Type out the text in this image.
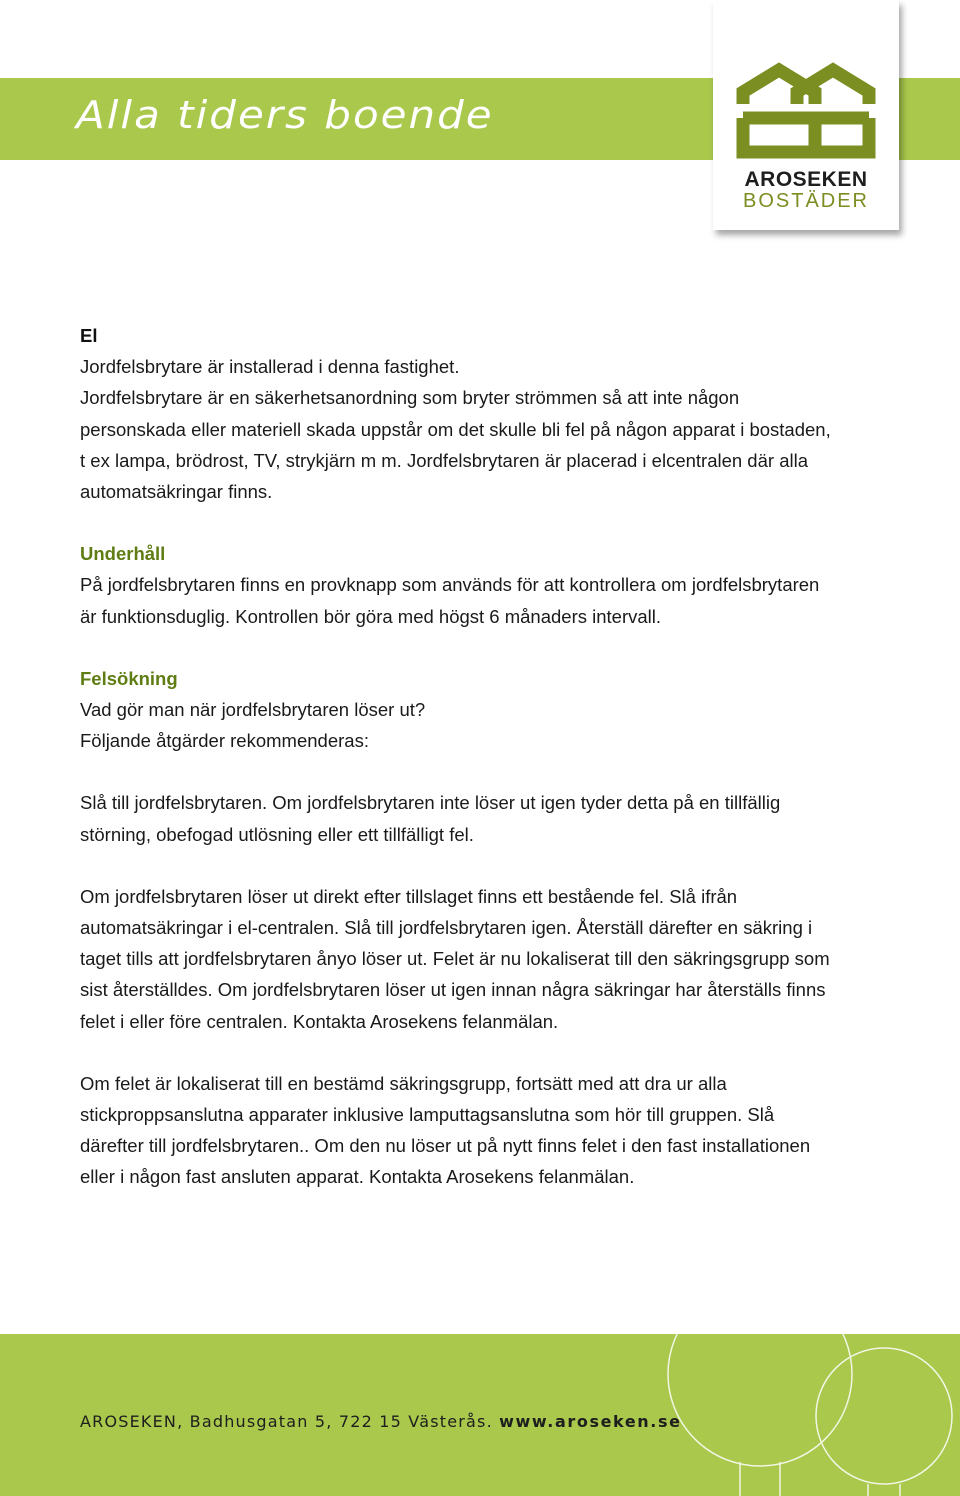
Alla tiders boende
AROSEKEN
BOSTÄDER

El

Jordfelsbrytare är installerad i denna fastighet.

Jordfelsbrytare är en säkerhetsanordning som bryter strömmen så att inte någon personskada eller materiell skada uppstår om det skulle bli fel på någon apparat i bostaden, t ex lampa, brödrost, TV, strykjärn m m. Jordfelsbrytaren är placerad i elcentralen där alla automatsäkringar finns.

Underhåll

På jordfelsbrytaren finns en provknapp som används för att kontrollera om jordfelsbrytaren är funktionsduglig. Kontrollen bör göra med högst 6 månaders intervall.

Felsökning

Vad gör man när jordfelsbrytaren löser ut?

Följande åtgärder rekommenderas:

Slå till jordfelsbrytaren. Om jordfelsbrytaren inte löser ut igen tyder detta på en tillfällig störning, obefogad utlösning eller ett tillfälligt fel.

Om jordfelsbrytaren löser ut direkt efter tillslaget finns ett bestående fel. Slå ifrån automatsäkringar i el-centralen. Slå till jordfelsbrytaren igen. Återställ därefter en säkring i taget tills att jordfelsbrytaren ånyo löser ut. Felet är nu lokaliserat till den säkringsgrupp som sist återställdes. Om jordfelsbrytaren löser ut igen innan några säkringar har återställs finns felet i eller före centralen. Kontakta Arosekens felanmälan.

Om felet är lokaliserat till en bestämd säkringsgrupp, fortsätt med att dra ur alla stickproppsanslutna apparater inklusive lamputtagsanslutna som hör till gruppen. Slå därefter till jordfelsbrytaren.. Om den nu löser ut på nytt finns felet i den fast installationen eller i någon fast ansluten apparat. Kontakta Arosekens felanmälan.

AROSEKEN, Badhusgatan 5, 722 15 Västerås. www.aroseken.se
